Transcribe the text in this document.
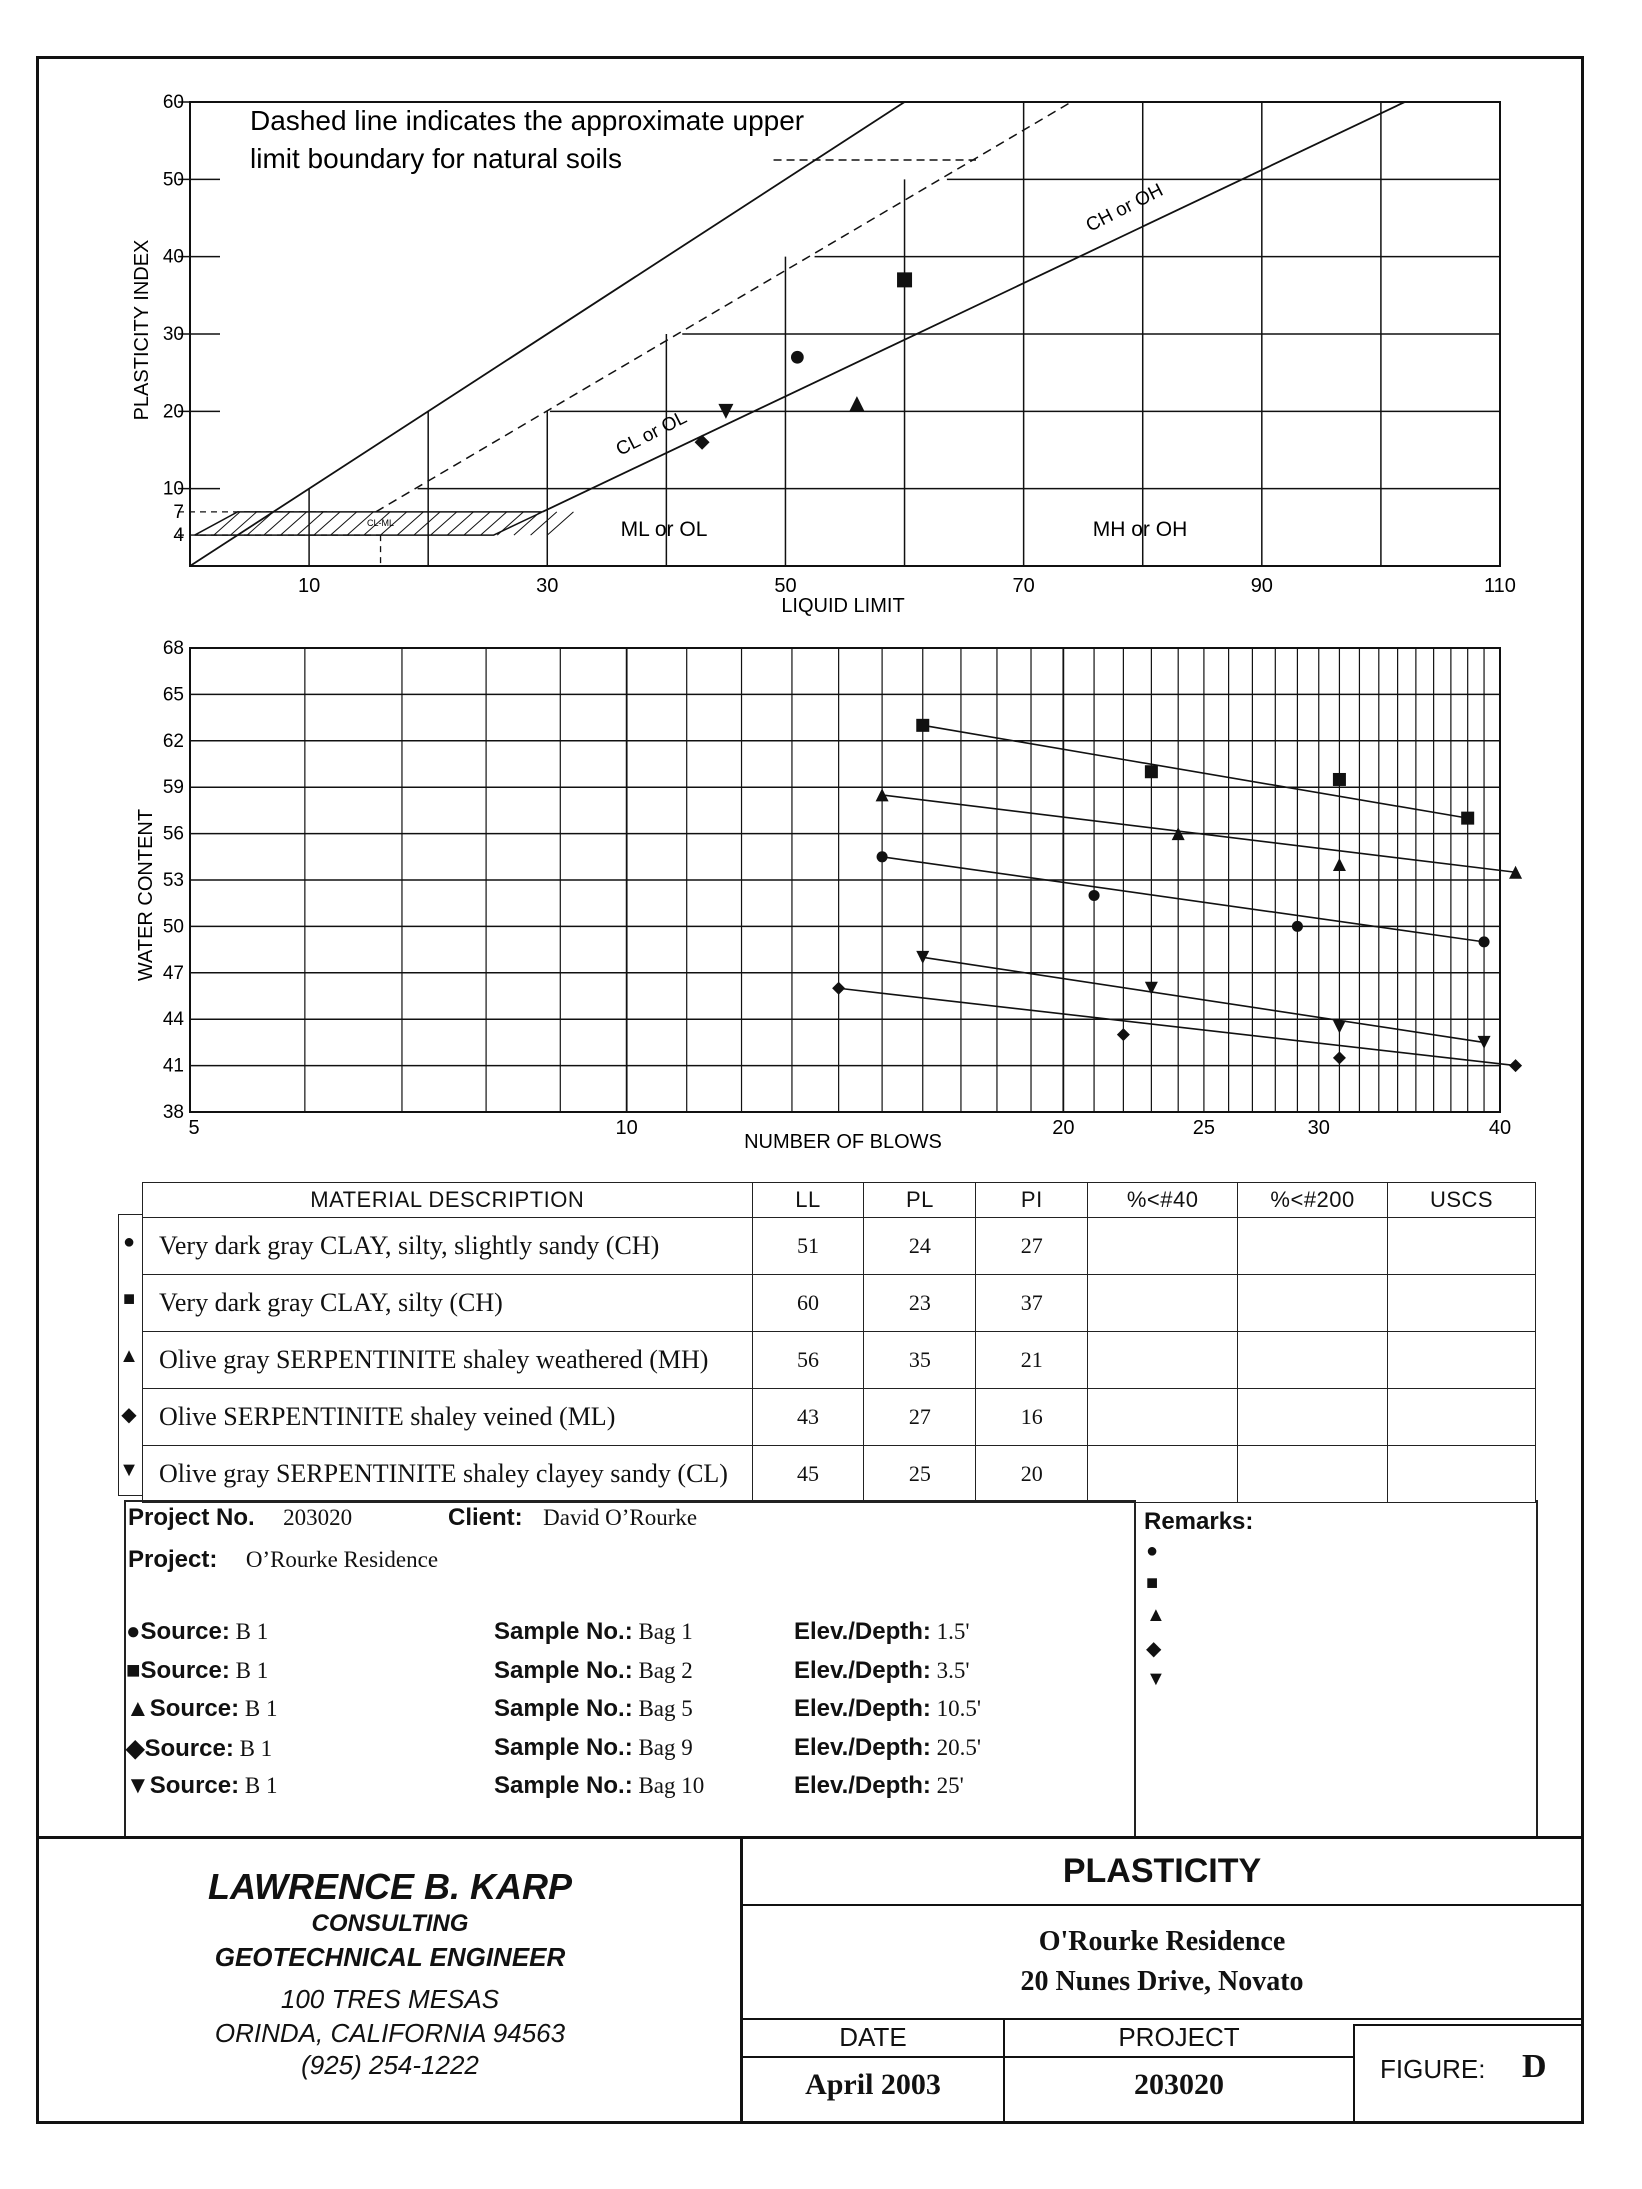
10	30	50	70	90	110
60
50
40
30
20
10
7
4
Dashed line indicates the approximate upper
limit boundary for natural soils
LIQUID LIMIT
PLASTICITY INDEX
CH or OH
CL or OL
ML or OL	MH or OH
CL-ML
5	10	20	25	30	40
68
65
62
59
56
53
50
47
44
41
38
NUMBER OF BLOWS
WATER CONTENT
MATERIAL DESCRIPTION	LL	PL	PI	%<#40	%<#200	USCS

● Very dark gray CLAY, silty, slightly sandy (CH)	51	24	27			

■ Very dark gray CLAY, silty (CH)	60	23	37			

▲ Olive gray SERPENTINITE shaley weathered (MH)	56	35	21			

◆ Olive SERPENTINITE shaley veined (ML)	43	27	16			

▼ Olive gray SERPENTINITE shaley clayey sandy (CL)	45	25	20			
Project No. 203020	Client: David O’Rourke
Project: O’Rourke Residence
●Source: B 1	Sample No.: Bag 1	Elev./Depth: 1.5'
■Source: B 1	Sample No.: Bag 2	Elev./Depth: 3.5'
▲Source: B 1	Sample No.: Bag 5	Elev./Depth: 10.5'
◆Source: B 1	Sample No.: Bag 9	Elev./Depth: 20.5'
▼Source: B 1	Sample No.: Bag 10	Elev./Depth: 25'
Remarks:
●
■
▲
◆
▼
LAWRENCE B. KARP
CONSULTING
GEOTECHNICAL ENGINEER
100 TRES MESAS
ORINDA, CALIFORNIA 94563
(925) 254-1222
PLASTICITY
O'Rourke Residence
20 Nunes Drive, Novato
DATE
April 2003
PROJECT
203020	FIGURE: D
